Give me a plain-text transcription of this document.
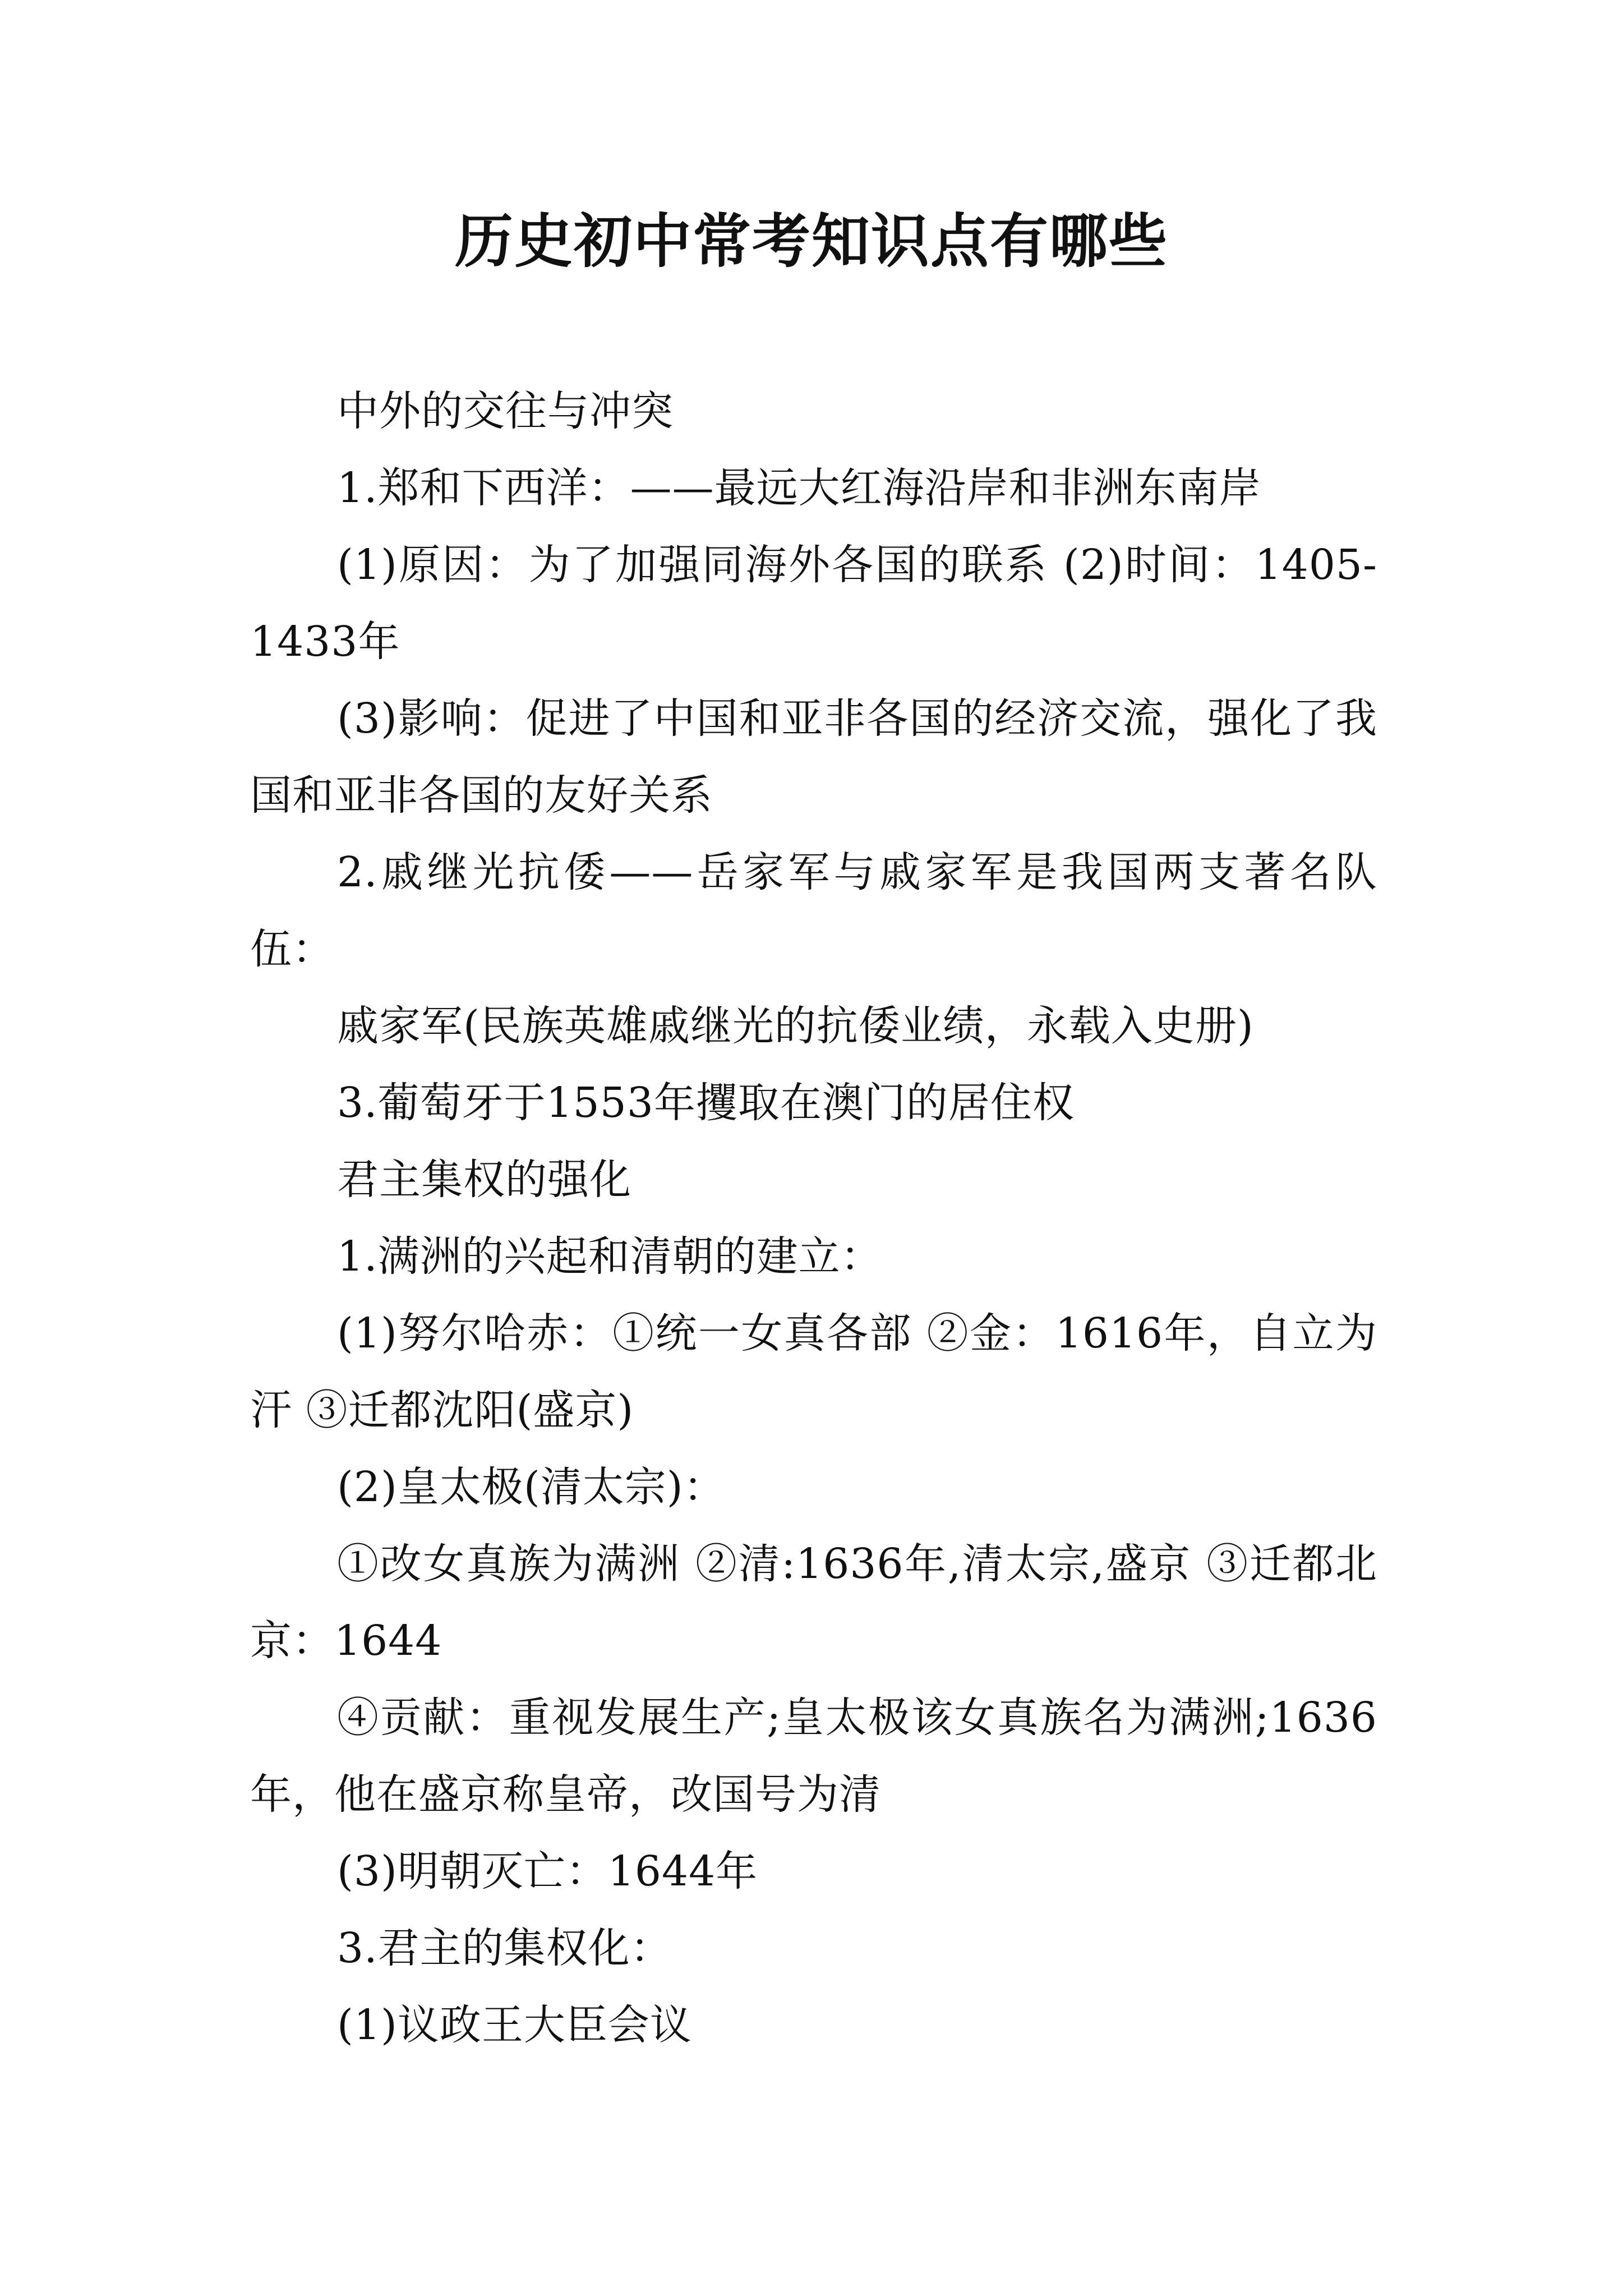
历史初中常考知识点有哪些

中外的交往与冲突

1.郑和下西洋：——最远大红海沿岸和非洲东南岸

(1)原因：为了加强同海外各国的联系 (2)时间：1405-1433年

(3)影响：促进了中国和亚非各国的经济交流，强化了我国和亚非各国的友好关系

2.戚继光抗倭——岳家军与戚家军是我国两支著名队伍：

戚家军(民族英雄戚继光的抗倭业绩，永载入史册)

3.葡萄牙于1553年攫取在澳门的居住权

君主集权的强化

1.满洲的兴起和清朝的建立：

(1)努尔哈赤：①统一女真各部 ②金：1616年，自立为汗 ③迁都沈阳(盛京)

(2)皇太极(清太宗)：

①改女真族为满洲 ②清:1636年,清太宗,盛京 ③迁都北京：1644

④贡献：重视发展生产;皇太极该女真族名为满洲;1636年，他在盛京称皇帝，改国号为清

(3)明朝灭亡：1644年

3.君主的集权化：

(1)议政王大臣会议
